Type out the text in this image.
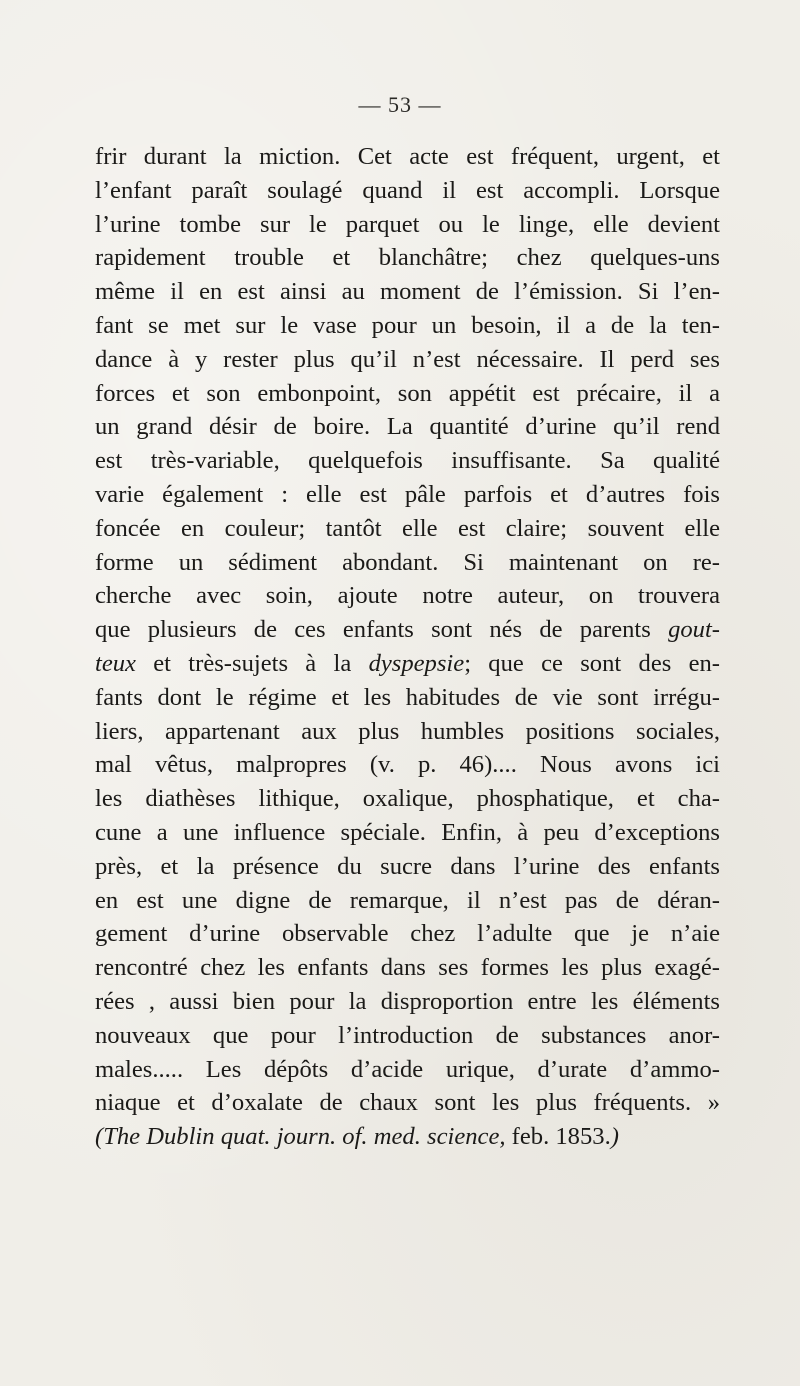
— 53 —
frir durant la miction. Cet acte est fréquent, urgent, et
l’enfant paraît soulagé quand il est accompli. Lorsque
l’urine tombe sur le parquet ou le linge, elle devient
rapidement trouble et blanchâtre; chez quelques-uns
même il en est ainsi au moment de l’émission. Si l’en-
fant se met sur le vase pour un besoin, il a de la ten-
dance à y rester plus qu’il n’est nécessaire. Il perd ses
forces et son embonpoint, son appétit est précaire, il a
un grand désir de boire. La quantité d’urine qu’il rend
est très-variable, quelquefois insuffisante. Sa qualité
varie également : elle est pâle parfois et d’autres fois
foncée en couleur; tantôt elle est claire; souvent elle
forme un sédiment abondant. Si maintenant on re-
cherche avec soin, ajoute notre auteur, on trouvera
que plusieurs de ces enfants sont nés de parents gout-
teux et très-sujets à la dyspepsie; que ce sont des en-
fants dont le régime et les habitudes de vie sont irrégu-
liers, appartenant aux plus humbles positions sociales,
mal vêtus, malpropres (v. p. 46).... Nous avons ici
les diathèses lithique, oxalique, phosphatique, et cha-
cune a une influence spéciale. Enfin, à peu d’exceptions
près, et la présence du sucre dans l’urine des enfants
en est une digne de remarque, il n’est pas de déran-
gement d’urine observable chez l’adulte que je n’aie
rencontré chez les enfants dans ses formes les plus exagé-
rées , aussi bien pour la disproportion entre les éléments
nouveaux que pour l’introduction de substances anor-
males..... Les dépôts d’acide urique, d’urate d’ammo-
niaque et d’oxalate de chaux sont les plus fréquents. »
(The Dublin quat. journ. of. med. science, feb. 1853.)
